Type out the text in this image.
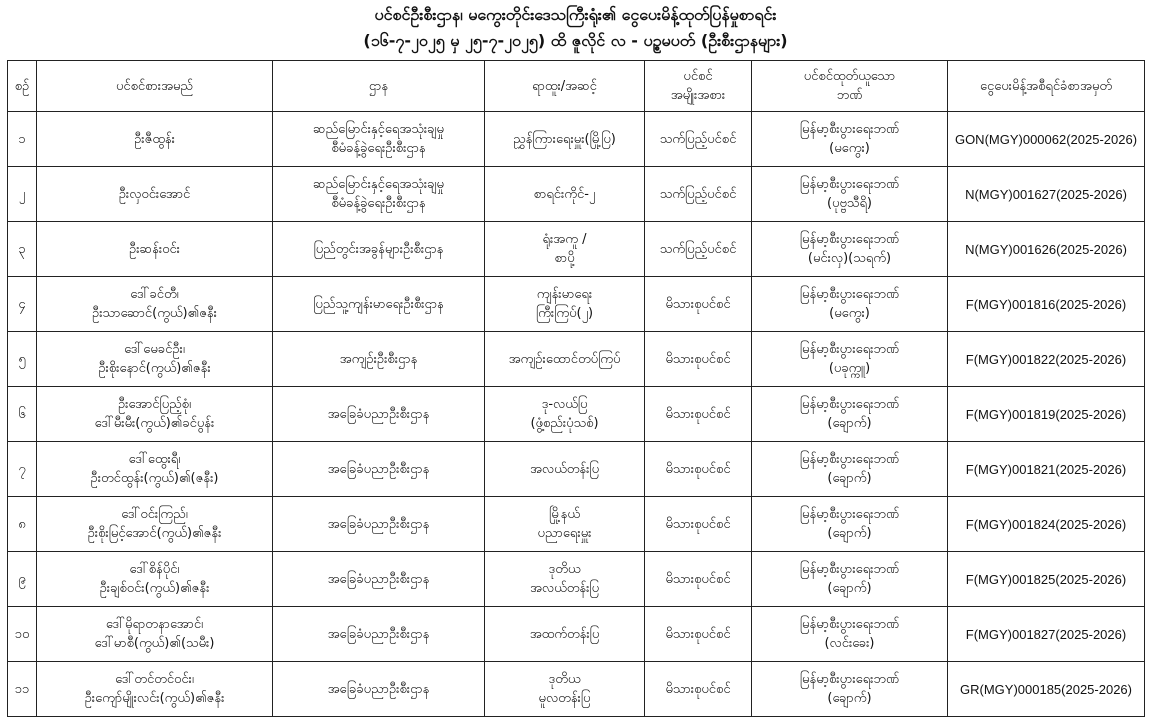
ပင်စင်ဦးစီးဌာန၊ မကွေးတိုင်းဒေသကြီးရုံး၏ ငွေပေးမိန့်ထုတ်ပြန်မှုစာရင်း
(၁၆-၇-၂၀၂၅ မှ ၂၅-၇-၂၀၂၅) ထိ ဇူလိုင် လ - ပဉ္စမပတ် (ဦးစီးဌာနများ)
စဉ်	ပင်စင်စားအမည်	ဌာန	ရာထူး/အဆင့်	ပင်စင်
အမျိုးအစား	ပင်စင်ထုတ်ယူသော
ဘဏ်	ငွေပေးမိန့်အစီရင်ခံစာအမှတ်
၁	ဦးဇီထွန်း	ဆည်မြောင်းနှင့်ရေအသုံးချမှု
စီမံခန့်ခွဲရေးဦးစီးဌာန	ညွှန်ကြားရေးမှူး(မြို့ပြ)	သက်ပြည့်ပင်စင်	မြန်မာ့စီးပွားရေးဘဏ်
(မကွေး)	GON(MGY)000062(2025-2026)
၂	ဦးလှဝင်းအောင်	ဆည်မြောင်းနှင့်ရေအသုံးချမှု
စီမံခန့်ခွဲရေးဦးစီးဌာန	စာရင်းကိုင်-၂	သက်ပြည့်ပင်စင်	မြန်မာ့စီးပွားရေးဘဏ်
(ပုဗ္ဗသီရိ)	N(MGY)001627(2025-2026)
၃	ဦးဆန်းဝင်း	ပြည်တွင်းအခွန်များဦးစီးဌာန	ရုံးအကူ /
စာပို့	သက်ပြည့်ပင်စင်	မြန်မာ့စီးပွားရေးဘဏ်
(မင်းလှ)(သရက်)	N(MGY)001626(2025-2026)
၄	ဒေါ်ခင်တီ၊
ဦးသာဆောင်(ကွယ်)၏ဇနီး	ပြည်သူ့ကျန်းမာရေးဦးစီးဌာန	ကျန်းမာရေး
ကြီးကြပ်(၂)	မိသားစုပင်စင်	မြန်မာ့စီးပွားရေးဘဏ်
(မကွေး)	F(MGY)001816(2025-2026)
၅	ဒေါ်မေခင်ဦး၊
ဦးစိုးနောင်(ကွယ်)၏ဇနီး	အကျဉ်းဦးစီးဌာန	အကျဉ်းထောင်တပ်ကြပ်	မိသားစုပင်စင်	မြန်မာ့စီးပွားရေးဘဏ်
(ပခုက္ကူ)	F(MGY)001822(2025-2026)
၆	ဦးအောင်ပြည့်စုံ၊
ဒေါ်မီးမီး(ကွယ်)၏ခင်ပွန်း	အခြေခံပညာဦးစီးဌာန	ဒု-လယ်ပြ
(ဖွံ့စည်းပုံသစ်)	မိသားစုပင်စင်	မြန်မာ့စီးပွားရေးဘဏ်
(ချောက်)	F(MGY)001819(2025-2026)
၇	ဒေါ်ထွေးရီ၊
ဦးတင်ထွန်း(ကွယ်)၏(ဇနီး)	အခြေခံပညာဦးစီးဌာန	အလယ်တန်းပြ	မိသားစုပင်စင်	မြန်မာ့စီးပွားရေးဘဏ်
(ချောက်)	F(MGY)001821(2025-2026)
၈	ဒေါ်ဝင်းကြည်၊
ဦးစိုးမြင့်အောင်(ကွယ်)၏ဇနီး	အခြေခံပညာဦးစီးဌာန	မြို့နယ်
ပညာရေးမှူး	မိသားစုပင်စင်	မြန်မာ့စီးပွားရေးဘဏ်
(ချောက်)	F(MGY)001824(2025-2026)
၉	ဒေါ်စိန်ပိုင်၊
ဦးချစ်ဝင်း(ကွယ်)၏ဇနီး	အခြေခံပညာဦးစီးဌာန	ဒုတိယ
အလယ်တန်းပြ	မိသားစုပင်စင်	မြန်မာ့စီးပွားရေးဘဏ်
(ချောက်)	F(MGY)001825(2025-2026)
၁၀	ဒေါ်မိုရာတနာအောင်၊
ဒေါ်မာစီ(ကွယ်)၏(သမီး)	အခြေခံပညာဦးစီးဌာန	အထက်တန်းပြ	မိသားစုပင်စင်	မြန်မာ့စီးပွားရေးဘဏ်
(လင်းခေး)	F(MGY)001827(2025-2026)
၁၁	ဒေါ်တင်တင်ဝင်း၊
ဦးကျော်မျိုးလင်း(ကွယ်)၏ဇနီး	အခြေခံပညာဦးစီးဌာန	ဒုတိယ
မူလတန်းပြ	မိသားစုပင်စင်	မြန်မာ့စီးပွားရေးဘဏ်
(ချောက်)	GR(MGY)000185(2025-2026)
